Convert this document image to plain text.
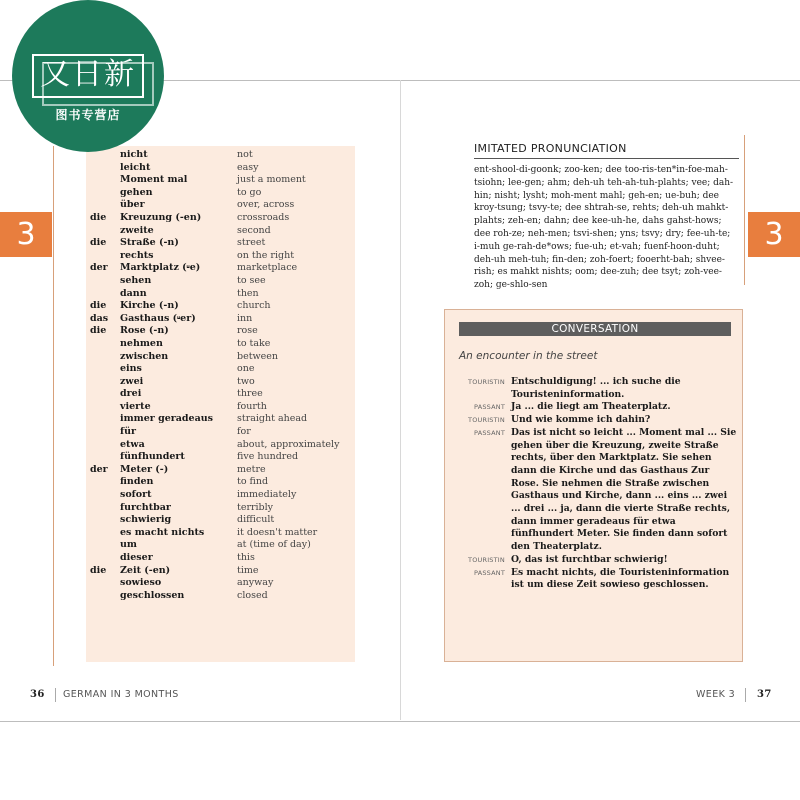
3	3
nicht	not
leicht	easy
Moment mal	just a moment
gehen	to go
über	over, across
die	Kreuzung (-en)	crossroads
zweite	second
die	Straße (-n)	street
rechts	on the right
der	Marktplatz (⸚e)	marketplace
sehen	to see
dann	then
die	Kirche (-n)	church
das	Gasthaus (⸚er)	inn
die	Rose (-n)	rose
nehmen	to take
zwischen	between
eins	one
zwei	two
drei	three
vierte	fourth
immer geradeaus	straight ahead
für	for
etwa	about, approximately
fünfhundert	five hundred
der	Meter (-)	metre
finden	to find
sofort	immediately
furchtbar	terribly
schwierig	difficult
es macht nichts	it doesn't matter
um	at (time of day)
dieser	this
die	Zeit (-en)	time
sowieso	anyway
geschlossen	closed
IMITATED PRONUNCIATION
ent-shool-di-goonk; zoo-ken; dee too-ris-ten*in-foe-mah-tsiohn; lee-gen; ahm; deh-uh teh-ah-tuh-plahts; vee; dah-hin; nisht; lysht; moh-ment mahl; geh-en; ue-buh; dee kroy-tsung; tsvy-te; dee shtrah-se, rehts; deh-uh mahkt-plahts; zeh-en; dahn; dee kee-uh-he, dahs gahst-hows; dee roh-ze; neh-men; tsvi-shen; yns; tsvy; dry; fee-uh-te; i-muh ge-rah-de*ows; fue-uh; et-vah; fuenf-hoon-duht; deh-uh meh-tuh; fin-den; zoh-foert; fooerht-bah; shvee-rish; es mahkt nishts; oom; dee-zuh; dee tsyt; zoh-vee-zoh; ge-shlo-sen
CONVERSATION
An encounter in the street
TOURISTIN Entschuldigung! ... ich suche die Touristeninformation.
PASSANT Ja ... die liegt am Theaterplatz.
TOURISTIN Und wie komme ich dahin?
PASSANT Das ist nicht so leicht ... Moment mal ... Sie gehen über die Kreuzung, zweite Straße rechts, über den Marktplatz. Sie sehen dann die Kirche und das Gasthaus Zur Rose. Sie nehmen die Straße zwischen Gasthaus und Kirche, dann ... eins ... zwei ... drei ... ja, dann die vierte Straße rechts, dann immer geradeaus für etwa fünfhundert Meter. Sie finden dann sofort den Theaterplatz.
TOURISTIN O, das ist furchtbar schwierig!
PASSANT Es macht nichts, die Touristeninformation ist um diese Zeit sowieso geschlossen.
36 GERMAN IN 3 MONTHS	WEEK 3 37
又日新
图书专营店
